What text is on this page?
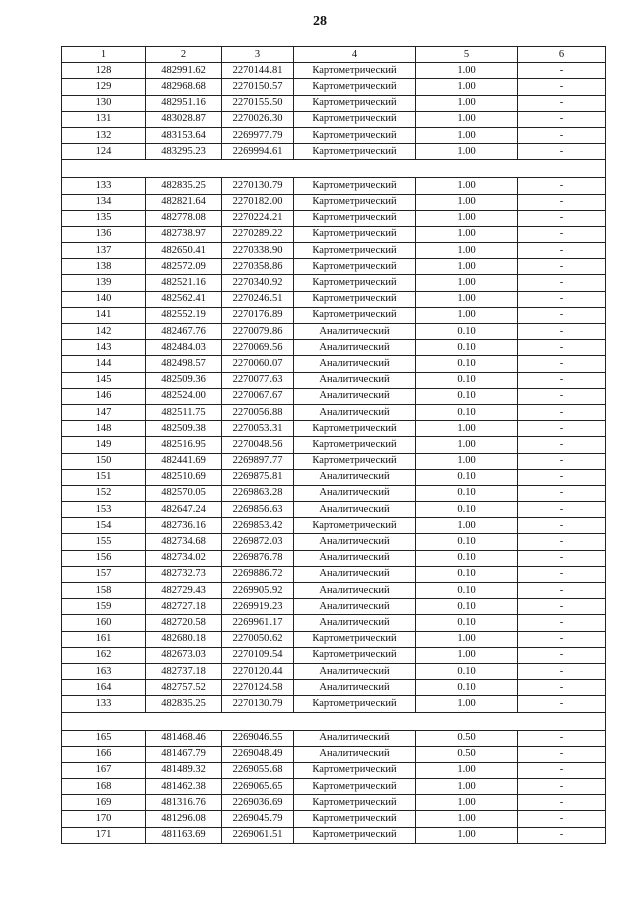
28
1	2	3	4	5	6
128	482991.62	2270144.81	Картометрический	1.00	-
129	482968.68	2270150.57	Картометрический	1.00	-
130	482951.16	2270155.50	Картометрический	1.00	-
131	483028.87	2270026.30	Картометрический	1.00	-
132	483153.64	2269977.79	Картометрический	1.00	-
124	483295.23	2269994.61	Картометрический	1.00	-

133	482835.25	2270130.79	Картометрический	1.00	-
134	482821.64	2270182.00	Картометрический	1.00	-
135	482778.08	2270224.21	Картометрический	1.00	-
136	482738.97	2270289.22	Картометрический	1.00	-
137	482650.41	2270338.90	Картометрический	1.00	-
138	482572.09	2270358.86	Картометрический	1.00	-
139	482521.16	2270340.92	Картометрический	1.00	-
140	482562.41	2270246.51	Картометрический	1.00	-
141	482552.19	2270176.89	Картометрический	1.00	-
142	482467.76	2270079.86	Аналитический	0.10	-
143	482484.03	2270069.56	Аналитический	0.10	-
144	482498.57	2270060.07	Аналитический	0.10	-
145	482509.36	2270077.63	Аналитический	0.10	-
146	482524.00	2270067.67	Аналитический	0.10	-
147	482511.75	2270056.88	Аналитический	0.10	-
148	482509.38	2270053.31	Картометрический	1.00	-
149	482516.95	2270048.56	Картометрический	1.00	-
150	482441.69	2269897.77	Картометрический	1.00	-
151	482510.69	2269875.81	Аналитический	0.10	-
152	482570.05	2269863.28	Аналитический	0.10	-
153	482647.24	2269856.63	Аналитический	0.10	-
154	482736.16	2269853.42	Картометрический	1.00	-
155	482734.68	2269872.03	Аналитический	0.10	-
156	482734.02	2269876.78	Аналитический	0.10	-
157	482732.73	2269886.72	Аналитический	0.10	-
158	482729.43	2269905.92	Аналитический	0.10	-
159	482727.18	2269919.23	Аналитический	0.10	-
160	482720.58	2269961.17	Аналитический	0.10	-
161	482680.18	2270050.62	Картометрический	1.00	-
162	482673.03	2270109.54	Картометрический	1.00	-
163	482737.18	2270120.44	Аналитический	0.10	-
164	482757.52	2270124.58	Аналитический	0.10	-
133	482835.25	2270130.79	Картометрический	1.00	-

165	481468.46	2269046.55	Аналитический	0.50	-
166	481467.79	2269048.49	Аналитический	0.50	-
167	481489.32	2269055.68	Картометрический	1.00	-
168	481462.38	2269065.65	Картометрический	1.00	-
169	481316.76	2269036.69	Картометрический	1.00	-
170	481296.08	2269045.79	Картометрический	1.00	-
171	481163.69	2269061.51	Картометрический	1.00	-
